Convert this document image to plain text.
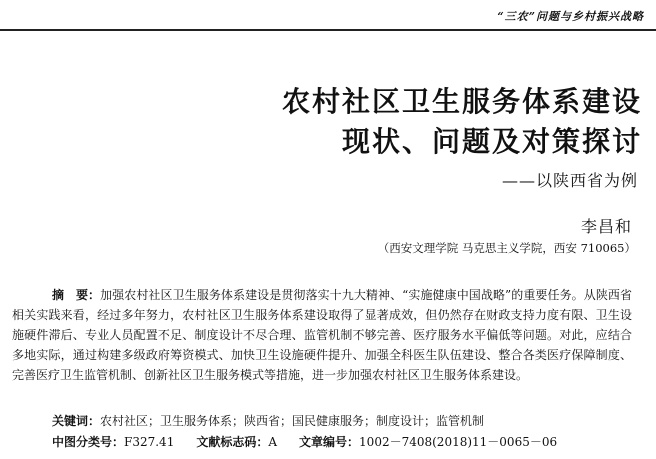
“三农”问题与乡村振兴战略
农村社区卫生服务体系建设
现状、问题及对策探讨
——以陕西省为例
李昌和
（西安文理学院 马克思主义学院，西安 710065）
摘　要：加强农村社区卫生服务体系建设是贯彻落实十九大精神、“实施健康中国战略”的重要任务。从陕西省相关实践来看，经过多年努力，农村社区卫生服务体系建设取得了显著成效，但仍然存在财政支持力度有限、卫生设施硬件滞后、专业人员配置不足、制度设计不尽合理、监管机制不够完善、医疗服务水平偏低等问题。对此，应结合多地实际，通过构建多级政府筹资模式、加快卫生设施硬件提升、加强全科医生队伍建设、整合各类医疗保障制度、完善医疗卫生监管机制、创新社区卫生服务模式等措施，进一步加强农村社区卫生服务体系建设。
关键词：农村社区；卫生服务体系；陕西省；国民健康服务；制度设计；监管机制
中图分类号：F327.41 文献标志码：A 文章编号：1002－7408(2018)11－0065－06
